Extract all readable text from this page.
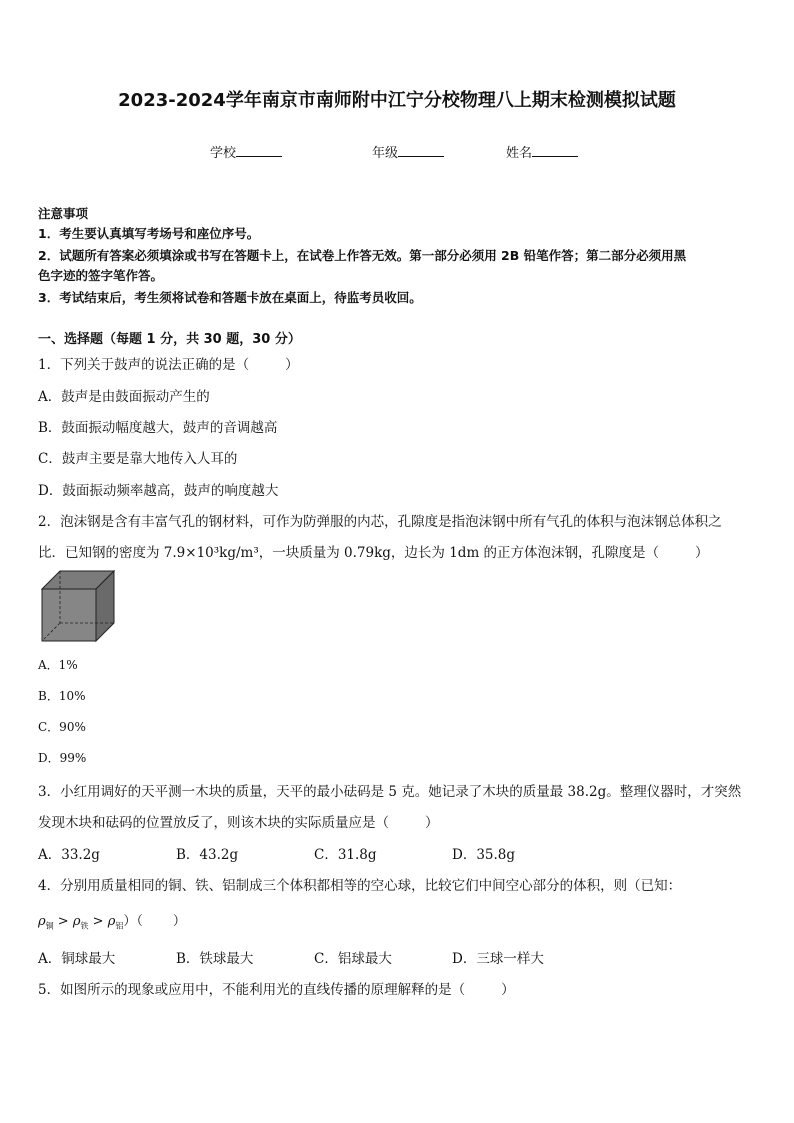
2023-2024学年南京市南师附中江宁分校物理八上期末检测模拟试题
学校	年级	姓名
注意事项
1．考生要认真填写考场号和座位序号。
2．试题所有答案必须填涂或书写在答题卡上，在试卷上作答无效。第一部分必须用 2B 铅笔作答；第二部分必须用黑
色字迹的签字笔作答。
3．考试结束后，考生须将试卷和答题卡放在桌面上，待监考员收回。
一、选择题（每题 1 分，共 30 题，30 分）
1．下列关于鼓声的说法正确的是（	）
A．鼓声是由鼓面振动产生的
B．鼓面振动幅度越大，鼓声的音调越高
C．鼓声主要是靠大地传入人耳的
D．鼓面振动频率越高，鼓声的响度越大
2．泡沫钢是含有丰富气孔的钢材料，可作为防弹服的内芯，孔隙度是指泡沫钢中所有气孔的体积与泡沫钢总体积之
比．已知钢的密度为 7.9×10³kg/m³，一块质量为 0.79kg，边长为 1dm 的正方体泡沫钢，孔隙度是（	）
A．1%
B．10%
C．90%
D．99%
3．小红用调好的天平测一木块的质量，天平的最小砝码是 5 克。她记录了木块的质量最 38.2g。整理仪器时，才突然
发现木块和砝码的位置放反了，则该木块的实际质量应是（	）
A．33.2g	B．43.2g	C．31.8g	D．35.8g
4．分别用质量相同的铜、铁、铝制成三个体积都相等的空心球，比较它们中间空心部分的体积，则（已知：
$\rho_铜 > \rho_铁 > \rho_铝$）（ ）
A．铜球最大	B．铁球最大	C．铝球最大	D．三球一样大
5．如图所示的现象或应用中，不能利用光的直线传播的原理解释的是（	）
